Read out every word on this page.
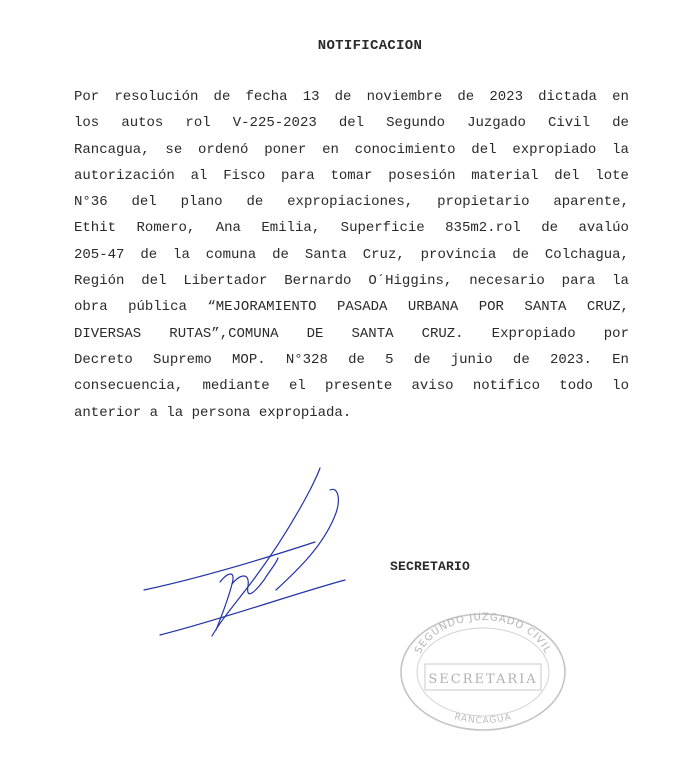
NOTIFICACION
Por resolución de fecha 13 de noviembre de 2023 dictada en
los autos rol V-225-2023 del Segundo Juzgado Civil de
Rancagua, se ordenó poner en conocimiento del expropiado la
autorización al Fisco para tomar posesión material del lote
N°36 del plano de expropiaciones, propietario aparente,
Ethit Romero, Ana Emilia, Superficie 835m2.rol de avalúo
205-47 de la comuna de Santa Cruz, provincia de Colchagua,
Región del Libertador Bernardo O´Higgins, necesario para la
obra pública “MEJORAMIENTO PASADA URBANA POR SANTA CRUZ,
DIVERSAS RUTAS”,COMUNA DE SANTA CRUZ. Expropiado por
Decreto Supremo MOP. N°328 de 5 de junio de 2023. En
consecuencia, mediante el presente aviso notifico todo lo
anterior a la persona expropiada.
SECRETARIO
SEGUNDO JUZGADO CIVIL
SECRETARIA
RANCAGUA
